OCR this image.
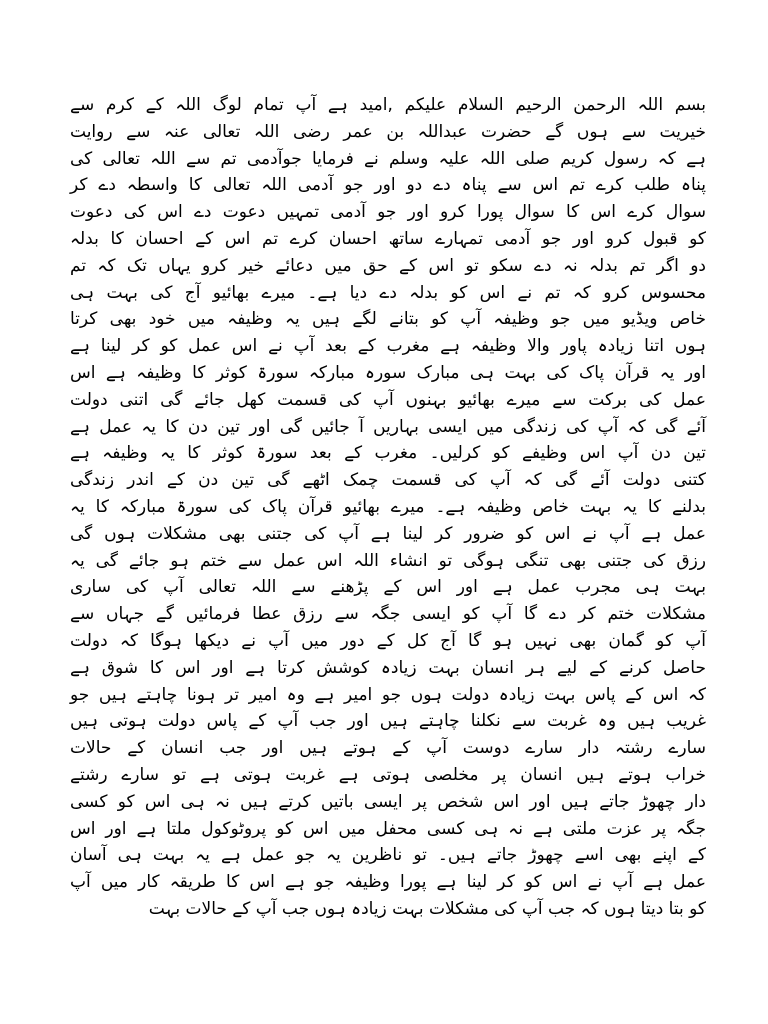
بسم اللہ الرحمن الرحیم السلام علیکم ,امید ہے آپ تمام لوگ اللہ کے کرم سے
خیریت سے ہوں گے حضرت عبداللہ بن عمر رضی اللہ تعالی عنہ سے روایت
ہے کہ رسول کریم صلی اللہ علیہ وسلم نے فرمایا جوآدمی تم سے اللہ تعالی کی
پناہ طلب کرے تم اس سے پناہ دے دو اور جو آدمی اللہ تعالی کا واسطہ دے کر
سوال کرے اس کا سوال پورا کرو اور جو آدمی تمہیں دعوت دے اس کی دعوت
کو قبول کرو اور جو آدمی تمہارے ساتھ احسان کرے تم اس کے احسان کا بدلہ
دو اگر تم بدلہ نہ دے سکو تو اس کے حق میں دعائے خیر کرو یہاں تک کہ تم
محسوس کرو کہ تم نے اس کو بدلہ دے دیا ہے۔ میرے بھائیو آج کی بہت ہی
خاص ویڈیو میں جو وظیفہ آپ کو بتانے لگے ہیں یہ وظیفہ میں خود بھی کرتا
ہوں اتنا زیادہ پاور والا وظیفہ ہے مغرب کے بعد آپ نے اس عمل کو کر لینا ہے
اور یہ قرآن پاک کی بہت ہی مبارک سورہ مبارکہ سورۃ کوثر کا وظیفہ ہے اس
عمل کی برکت سے میرے بھائیو بہنوں آپ کی قسمت کھل جائے گی اتنی دولت
آئے گی کہ آپ کی زندگی میں ایسی بہاریں آ جائیں گی اور تین دن کا یہ عمل ہے
تین دن آپ اس وظیفے کو کرلیں۔ مغرب کے بعد سورۃ کوثر کا یہ وظیفہ ہے
کتنی دولت آئے گی کہ آپ کی قسمت چمک اٹھے گی تین دن کے اندر زندگی
بدلنے کا یہ بہت خاص وظیفہ ہے۔ میرے بھائیو قرآن پاک کی سورۃ مبارکہ کا یہ
عمل ہے آپ نے اس کو ضرور کر لینا ہے آپ کی جتنی بھی مشکلات ہوں گی
رزق کی جتنی بھی تنگی ہوگی تو انشاء اللہ اس عمل سے ختم ہو جائے گی یہ
بہت ہی مجرب عمل ہے اور اس کے پڑھنے سے اللہ تعالی آپ کی ساری
مشکلات ختم کر دے گا آپ کو ایسی جگہ سے رزق عطا فرمائیں گے جہاں سے
آپ کو گمان بھی نہیں ہو گا آج کل کے دور میں آپ نے دیکھا ہوگا کہ دولت
حاصل کرنے کے لیے ہر انسان بہت زیادہ کوشش کرتا ہے اور اس کا شوق ہے
کہ اس کے پاس بہت زیادہ دولت ہوں جو امیر ہے وہ امیر تر ہونا چاہتے ہیں جو
غریب ہیں وہ غربت سے نکلنا چاہتے ہیں اور جب آپ کے پاس دولت ہوتی ہیں
سارے رشتہ دار سارے دوست آپ کے ہوتے ہیں اور جب انسان کے حالات
خراب ہوتے ہیں انسان پر مخلصی ہوتی ہے غربت ہوتی ہے تو سارے رشتے
دار چھوڑ جاتے ہیں اور اس شخص پر ایسی باتیں کرتے ہیں نہ ہی اس کو کسی
جگہ پر عزت ملتی ہے نہ ہی کسی محفل میں اس کو پروٹوکول ملتا ہے اور اس
کے اپنے بھی اسے چھوڑ جاتے ہیں۔ تو ناظرین یہ جو عمل ہے یہ بہت ہی آسان
عمل ہے آپ نے اس کو کر لینا ہے پورا وظیفہ جو ہے اس کا طریقہ کار میں آپ
کو بتا دیتا ہوں کہ جب آپ کی مشکلات بہت زیادہ ہوں جب آپ کے حالات بہت
